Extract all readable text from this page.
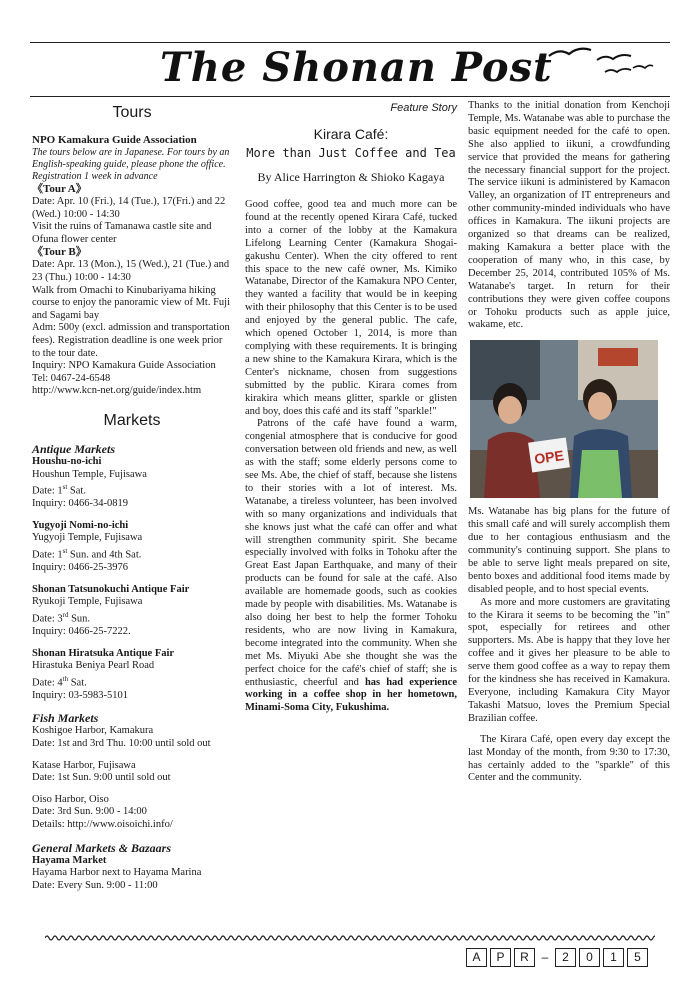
The Shonan Post
Tours
NPO Kamakura Guide Association
The tours below are in Japanese. For tours by an English-speaking guide, please phone the office. Registration 1 week in advance
《Tour A》
Date: Apr. 10 (Fri.), 14 (Tue.), 17(Fri.) and 22 (Wed.) 10:00 - 14:30
Visit the ruins of Tamanawa castle site and Ofuna flower center
《Tour B》
Date: Apr. 13 (Mon.), 15 (Wed.), 21 (Tue.) and 23 (Thu.) 10:00 - 14:30
Walk from Omachi to Kinubariyama hiking course to enjoy the panoramic view of Mt. Fuji and Sagami bay
Adm: 500y (excl. admission and transportation fees). Registration deadline is one week prior to the tour date.
Inquiry: NPO Kamakura Guide Association
Tel: 0467-24-6548
http://www.kcn-net.org/guide/index.htm
Markets
Antique Markets
Houshu-no-ichi
Houshun Temple, Fujisawa
Date: 1st Sat.
Inquiry: 0466-34-0819
Yugyoji Nomi-no-ichi
Yugyoji Temple, Fujisawa
Date: 1st Sun. and 4th Sat.
Inquiry: 0466-25-3976
Shonan Tatsunokuchi Antique Fair
Ryukoji Temple, Fujisawa
Date: 3rd Sun.
Inquiry: 0466-25-7222.
Shonan Hiratsuka Antique Fair
Hirastuka Beniya Pearl Road
Date: 4th Sat.
Inquiry: 03-5983-5101
Fish Markets
Koshigoe Harbor, Kamakura
Date: 1st and 3rd Thu. 10:00 until sold out
Katase Harbor, Fujisawa
Date: 1st Sun. 9:00 until sold out
Oiso Harbor, Oiso
Date: 3rd Sun. 9:00 - 14:00
Details: http://www.oisoichi.info/
General Markets & Bazaars
Hayama Market
Hayama Harbor next to Hayama Marina
Date: Every Sun. 9:00 - 11:00
Feature Story
Kirara Café:
More than Just Coffee and Tea
By Alice Harrington & Shioko Kagaya
Good coffee, good tea and much more can be found at the recently opened Kirara Café, tucked into a corner of the lobby at the Kamakura Lifelong Learning Center (Kamakura Shogai-gakushu Center). When the city offered to rent this space to the new café owner, Ms. Kimiko Watanabe, Director of the Kamakura NPO Center, they wanted a facility that would be in keeping with their philosophy that this Center is to be used and enjoyed by the general public. The cafe, which opened October 1, 2014, is more than complying with these requirements. It is bringing a new shine to the Kamakura Kirara, which is the Center's nickname, chosen from suggestions submitted by the public. Kirara comes from kirakira which means glitter, sparkle or glisten and boy, does this café and its staff "sparkle!"
Patrons of the café have found a warm, congenial atmosphere that is conducive for good conversation between old friends and new, as well as with the staff; some elderly persons come to see Ms. Abe, the chief of staff, because she listens to their stories with a lot of interest. Ms. Watanabe, a tireless volunteer, has been involved with so many organizations and individuals that she knows just what the café can offer and what will strengthen community spirit. She became especially involved with folks in Tohoku after the Great East Japan Earthquake, and many of their products can be found for sale at the café. Also available are homemade goods, such as cookies made by people with disabilities. Ms. Watanabe is also doing her best to help the former Tohoku residents, who are now living in Kamakura, become integrated into the community. When she met Ms. Miyuki Abe she thought she was the perfect choice for the café's chief of staff; she is enthusiastic, cheerful and has had experience working in a coffee shop in her hometown, Minami-Soma City, Fukushima.
Thanks to the initial donation from Kenchoji Temple, Ms. Watanabe was able to purchase the basic equipment needed for the café to open. She also applied to iikuni, a crowdfunding service that provided the means for gathering the necessary financial support for the project. The service iikuni is administered by Kamacon Valley, an organization of IT entrepreneurs and other community-minded individuals who have offices in Kamakura. The iikuni projects are organized so that dreams can be realized, making Kamakura a better place with the cooperation of many who, in this case, by December 25, 2014, contributed 105% of Ms. Watanabe's target. In return for their contributions they were given coffee coupons or Tohoku products such as apple juice, wakame, etc.
OPE
Ms. Watanabe has big plans for the future of this small café and will surely accomplish them due to her contagious enthusiasm and the community's continuing support. She plans to be able to serve light meals prepared on site, bento boxes and additional food items made by disabled people, and to host special events.
As more and more customers are gravitating to the Kirara it seems to be becoming the "in" spot, especially for retirees and other supporters. Ms. Abe is happy that they love her coffee and it gives her pleasure to be able to serve them good coffee as a way to repay them for the kindness she has received in Kamakura. Everyone, including Kamakura City Mayor Takashi Matsuo, loves the Premium Special Brazilian coffee.
The Kirara Café, open every day except the last Monday of the month, from 9:30 to 17:30, has certainly added to the "sparkle" of this Center and the community.
A	P	R	–	2	0	1	5
